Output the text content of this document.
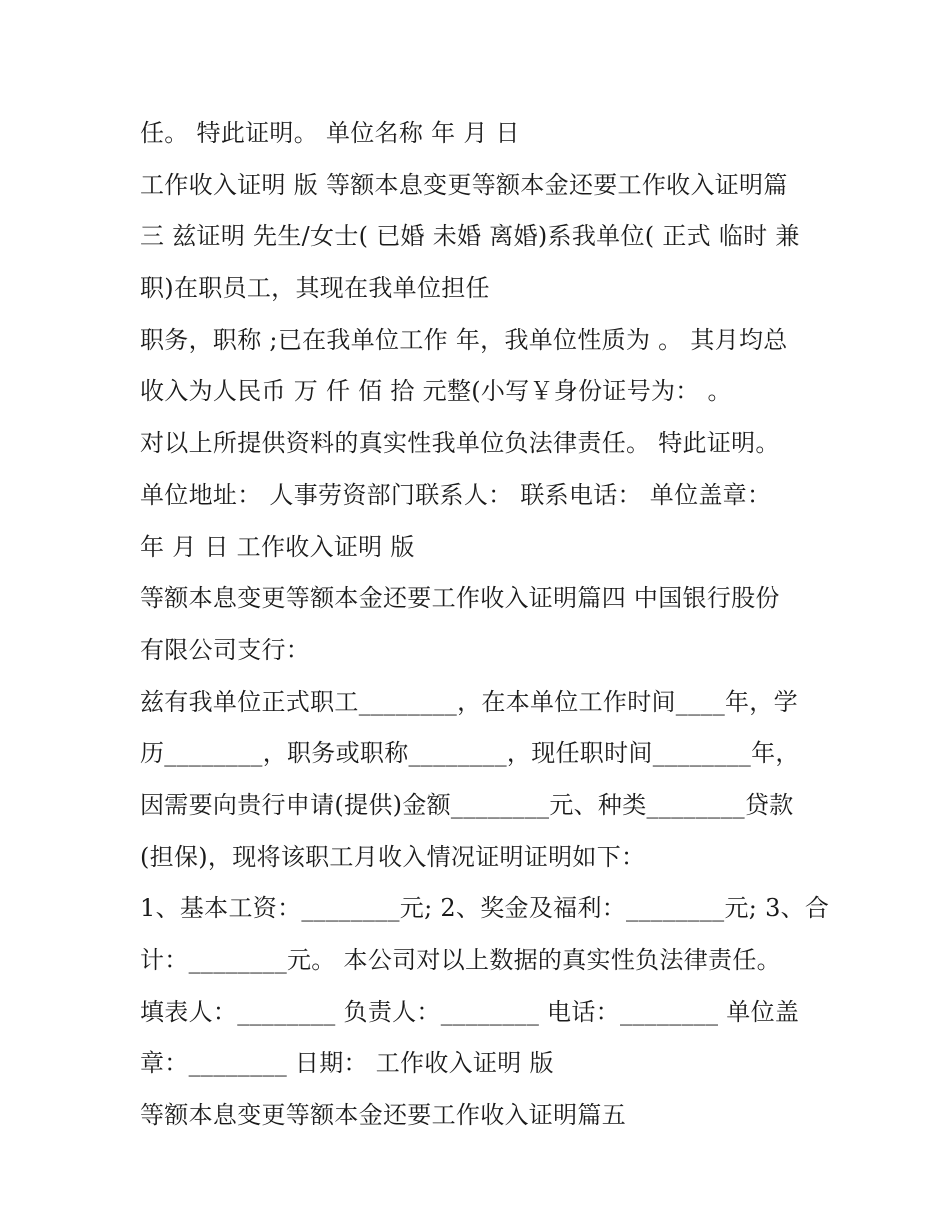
任。 特此证明。 单位名称 年 月 日
工作收入证明 版 等额本息变更等额本金还要工作收入证明篇
三 兹证明 先生/女士( 已婚 未婚 离婚)系我单位( 正式 临时 兼
职)在职员工，其现在我单位担任
职务，职称 ;已在我单位工作 年，我单位性质为 。 其月均总
收入为人民币 万 仟 佰 拾 元整(小写￥身份证号为： 。
对以上所提供资料的真实性我单位负法律责任。 特此证明。
单位地址： 人事劳资部门联系人： 联系电话： 单位盖章：
年 月 日 工作收入证明 版
等额本息变更等额本金还要工作收入证明篇四 中国银行股份
有限公司支行：
兹有我单位正式职工________，在本单位工作时间____年，学
历________，职务或职称________，现任职时间________年，
因需要向贵行申请(提供)金额________元、种类________贷款
(担保)，现将该职工月收入情况证明证明如下：
1、基本工资：________元; 2、奖金及福利：________元; 3、合
计：________元。 本公司对以上数据的真实性负法律责任。
填表人：________ 负责人：________ 电话：________ 单位盖
章：________ 日期： 工作收入证明 版
等额本息变更等额本金还要工作收入证明篇五
